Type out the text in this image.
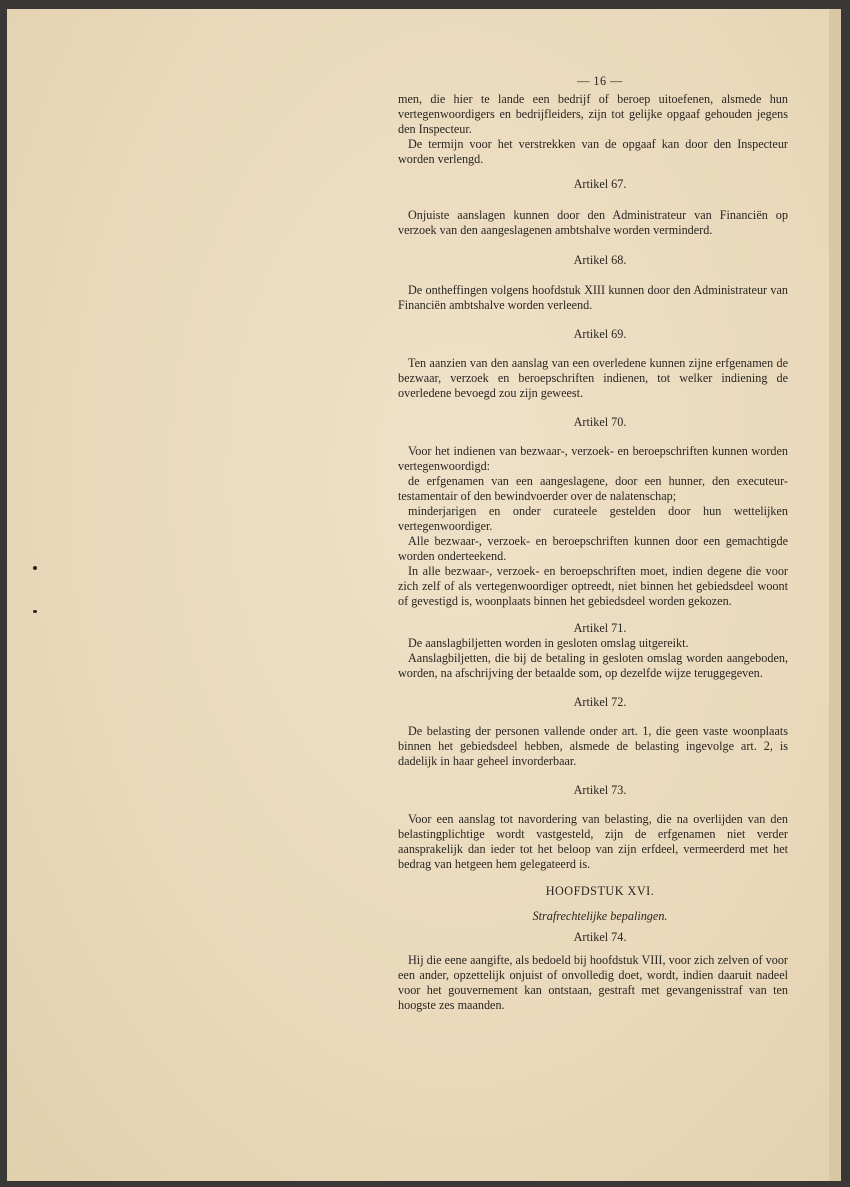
— 16 —

men, die hier te lande een bedrijf of beroep uitoefenen, alsmede hun vertegenwoordigers en bedrijfleiders, zijn tot gelijke opgaaf gehouden jegens den Inspecteur.

De termijn voor het verstrekken van de opgaaf kan door den Inspecteur worden verlengd.

Artikel 67.

Onjuiste aanslagen kunnen door den Administrateur van Financiën op verzoek van den aangeslagenen ambtshalve worden verminderd.

Artikel 68.

De ontheffingen volgens hoofdstuk XIII kunnen door den Administrateur van Financiën ambtshalve worden verleend.

Artikel 69.

Ten aanzien van den aanslag van een overledene kunnen zijne erfgenamen de bezwaar, verzoek en beroepschriften indienen, tot welker indiening de overledene bevoegd zou zijn geweest.

Artikel 70.

Voor het indienen van bezwaar-, verzoek- en beroepschriften kunnen worden vertegenwoordigd:

de erfgenamen van een aangeslagene, door een hunner, den executeur-testamentair of den bewindvoerder over de nalatenschap;

minderjarigen en onder curateele gestelden door hun wettelijken vertegenwoordiger.

Alle bezwaar-, verzoek- en beroepschriften kunnen door een gemachtigde worden onderteekend.

In alle bezwaar-, verzoek- en beroepschriften moet, indien degene die voor zich zelf of als vertegenwoordiger optreedt, niet binnen het gebiedsdeel woont of gevestigd is, woonplaats binnen het gebiedsdeel worden gekozen.

Artikel 71.

De aanslagbiljetten worden in gesloten omslag uitgereikt.

Aanslagbiljetten, die bij de betaling in gesloten omslag worden aangeboden, worden, na afschrijving der betaalde som, op dezelfde wijze teruggegeven.

Artikel 72.

De belasting der personen vallende onder art. 1, die geen vaste woonplaats binnen het gebiedsdeel hebben, alsmede de belasting ingevolge art. 2, is dadelijk in haar geheel invorderbaar.

Artikel 73.

Voor een aanslag tot navordering van belasting, die na overlijden van den belastingplichtige wordt vastgesteld, zijn de erfgenamen niet verder aansprakelijk dan ieder tot het beloop van zijn erfdeel, vermeerderd met het bedrag van hetgeen hem gelegateerd is.

HOOFDSTUK XVI.
Strafrechtelijke bepalingen.
Artikel 74.

Hij die eene aangifte, als bedoeld bij hoofdstuk VIII, voor zich zelven of voor een ander, opzettelijk onjuist of onvolledig doet, wordt, indien daaruit nadeel voor het gouvernement kan ontstaan, gestraft met gevangenisstraf van ten hoogste zes maanden.
